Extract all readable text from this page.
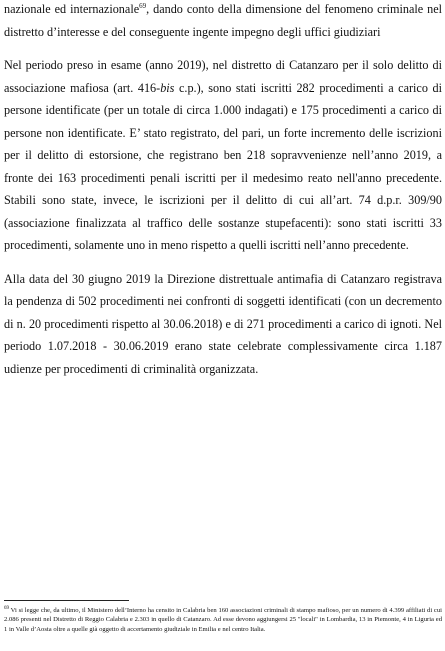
nazionale ed internazionale$^{69}$, dando conto della dimensione del fenomeno criminale nel distretto d’interesse e del conseguente ingente impegno degli uffici giudiziari

Nel periodo preso in esame (anno 2019), nel distretto di Catanzaro per il solo delitto di associazione mafiosa (art. 416-bis c.p.), sono stati iscritti 282 procedimenti a carico di persone identificate (per un totale di circa 1.000 indagati) e 175 procedimenti a carico di persone non identificate. E’ stato registrato, del pari, un forte incremento delle iscrizioni per il delitto di estorsione, che registrano ben 218 sopravvenienze nell’anno 2019, a fronte dei 163 procedimenti penali iscritti per il medesimo reato nell'anno precedente. Stabili sono state, invece, le iscrizioni per il delitto di cui all’art. 74 d.p.r. 309/90 (associazione finalizzata al traffico delle sostanze stupefacenti): sono stati iscritti 33 procedimenti, solamente uno in meno rispetto a quelli iscritti nell’anno precedente.

Alla data del 30 giugno 2019 la Direzione distrettuale antimafia di Catanzaro registrava la pendenza di 502 procedimenti nei confronti di soggetti identificati (con un decremento di n. 20 procedimenti rispetto al 30.06.2018) e di 271 procedimenti a carico di ignoti. Nel periodo 1.07.2018 - 30.06.2019 erano state celebrate complessivamente circa 1.187 udienze per procedimenti di criminalità organizzata.

$^{69}$ Vi si legge che, da ultimo, il Ministero dell’Interno ha censito in Calabria ben 160 associazioni criminali di stampo mafioso, per un numero di 4.399 affiliati di cui 2.086 presenti nel Distretto di Reggio Calabria e 2.303 in quello di Catanzaro. Ad esse devono aggiungersi 25 "locali" in Lombardia, 13 in Piemonte, 4 in Liguria ed 1 in Valle d’Aosta oltre a quelle già oggetto di accertamento giudiziale in Emilia e nel centro Italia.
